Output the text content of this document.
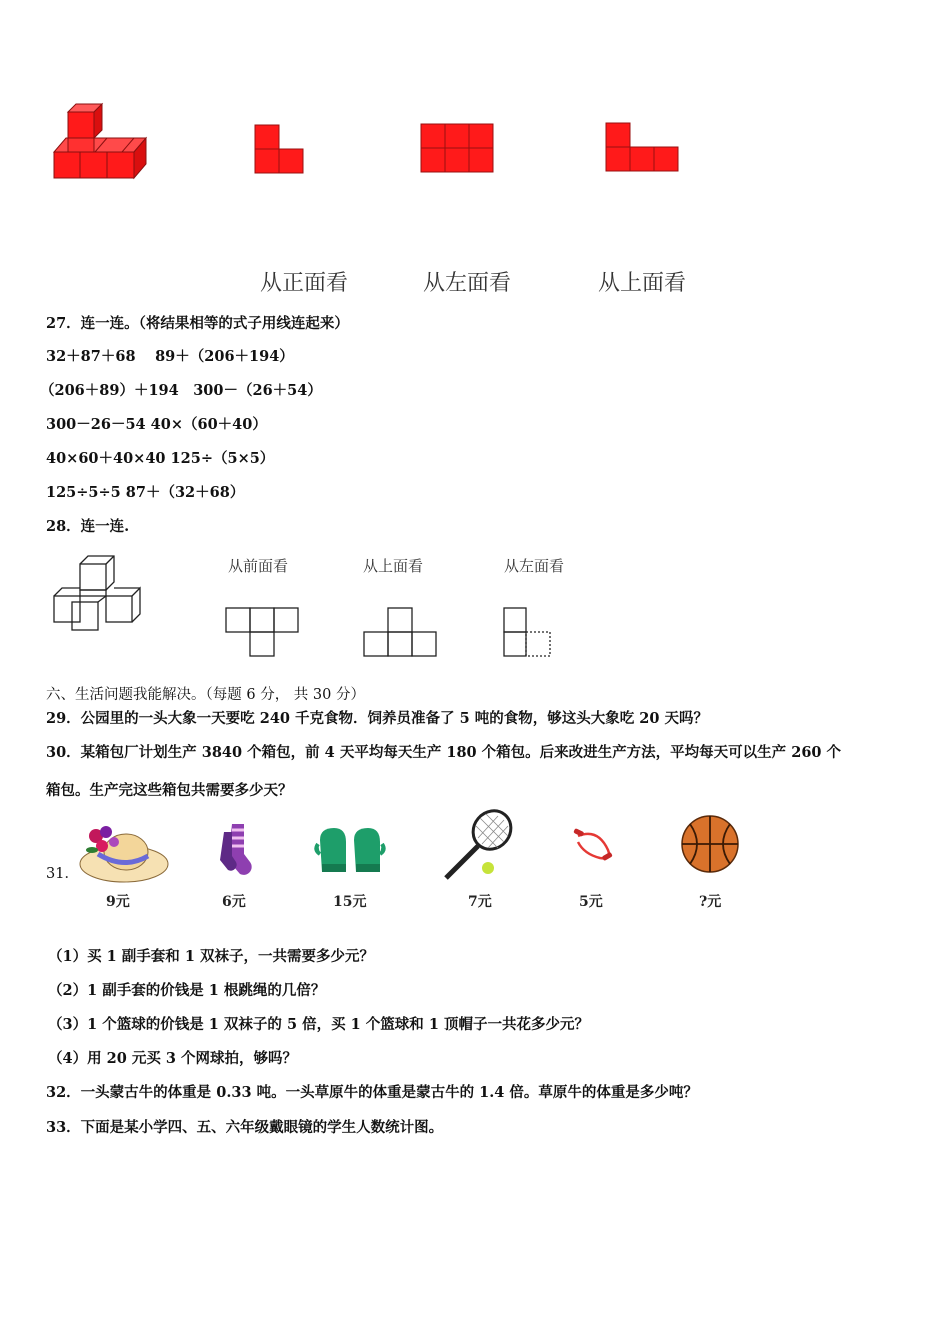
从正面看	从左面看	从上面看
27．连一连。（将结果相等的式子用线连起来）
32＋87＋68　 89＋（206＋194）
（206＋89）＋194　300－（26＋54）
300－26－54 40×（60＋40）
40×60＋40×40 125÷（5×5）
125÷5÷5 87＋（32＋68）
28．连一连.
从前面看	从上面看	从左面看
六、生活问题我能解决。（每题 6 分， 共 30 分）
29．公园里的一头大象一天要吃 240 千克食物．饲养员准备了 5 吨的食物，够这头大象吃 20 天吗？
30．某箱包厂计划生产 3840 个箱包，前 4 天平均每天生产 180 个箱包。后来改进生产方法，平均每天可以生产 260 个
箱包。生产完这些箱包共需要多少天？
31．
9元	6元	15元	7元	5元	?元
（1）买 1 副手套和 1 双袜子，一共需要多少元？
（2）1 副手套的价钱是 1 根跳绳的几倍？
（3）1 个篮球的价钱是 1 双袜子的 5 倍，买 1 个篮球和 1 顶帽子一共花多少元？
（4）用 20 元买 3 个网球拍，够吗？
32．一头蒙古牛的体重是 0.33 吨。一头草原牛的体重是蒙古牛的 1.4 倍。草原牛的体重是多少吨？
33．下面是某小学四、五、六年级戴眼镜的学生人数统计图。
